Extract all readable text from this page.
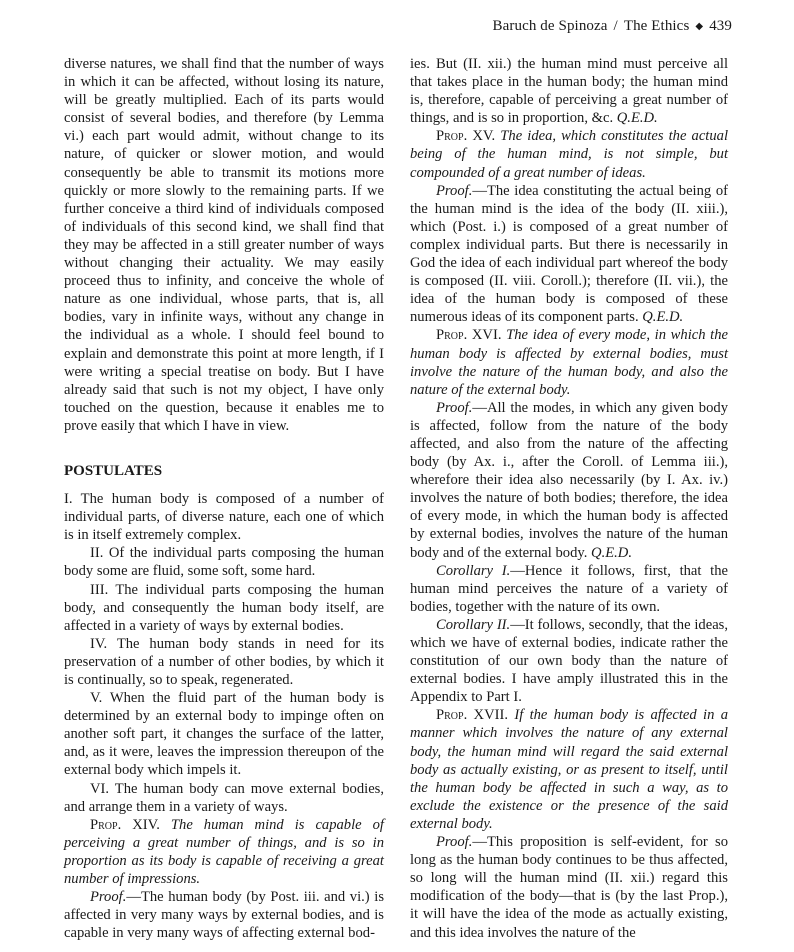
Baruch de Spinoza / The Ethics ◆ 439

diverse natures, we shall find that the number of ways in which it can be affected, without losing its nature, will be greatly multiplied. Each of its parts would consist of several bodies, and therefore (by Lemma vi.) each part would admit, without change to its nature, of quicker or slower motion, and would consequently be able to transmit its motions more quickly or more slowly to the remaining parts. If we further conceive a third kind of individuals composed of individuals of this second kind, we shall find that they may be affected in a still greater number of ways without changing their actuality. We may easily proceed thus to infinity, and conceive the whole of nature as one individual, whose parts, that is, all bodies, vary in infinite ways, without any change in the individual as a whole. I should feel bound to explain and demonstrate this point at more length, if I were writing a special treatise on body. But I have already said that such is not my object, I have only touched on the question, because it enables me to prove easily that which I have in view.

POSTULATES

I. The human body is composed of a number of individual parts, of diverse nature, each one of which is in itself extremely complex.

II. Of the individual parts composing the human body some are fluid, some soft, some hard.

III. The individual parts composing the human body, and consequently the human body itself, are affected in a variety of ways by external bodies.

IV. The human body stands in need for its preservation of a number of other bodies, by which it is continually, so to speak, regenerated.

V. When the fluid part of the human body is determined by an external body to impinge often on another soft part, it changes the surface of the latter, and, as it were, leaves the impression thereupon of the external body which impels it.

VI. The human body can move external bodies, and arrange them in a variety of ways.

Prop. XIV. The human mind is capable of perceiving a great number of things, and is so in proportion as its body is capable of receiving a great number of impressions.

Proof.—The human body (by Post. iii. and vi.) is affected in very many ways by external bodies, and is capable in very many ways of affecting external bod-

ies. But (II. xii.) the human mind must perceive all that takes place in the human body; the human mind is, therefore, capable of perceiving a great number of things, and is so in proportion, &c. Q.E.D.

Prop. XV. The idea, which constitutes the actual being of the human mind, is not simple, but compounded of a great number of ideas.

Proof.—The idea constituting the actual being of the human mind is the idea of the body (II. xiii.), which (Post. i.) is composed of a great number of complex individual parts. But there is necessarily in God the idea of each individual part whereof the body is composed (II. viii. Coroll.); therefore (II. vii.), the idea of the human body is composed of these numerous ideas of its component parts. Q.E.D.

Prop. XVI. The idea of every mode, in which the human body is affected by external bodies, must involve the nature of the human body, and also the nature of the external body.

Proof.—All the modes, in which any given body is affected, follow from the nature of the body affected, and also from the nature of the affecting body (by Ax. i., after the Coroll. of Lemma iii.), wherefore their idea also necessarily (by I. Ax. iv.) involves the nature of both bodies; therefore, the idea of every mode, in which the human body is affected by external bodies, involves the nature of the human body and of the external body. Q.E.D.

Corollary I.—Hence it follows, first, that the human mind perceives the nature of a variety of bodies, together with the nature of its own.

Corollary II.—It follows, secondly, that the ideas, which we have of external bodies, indicate rather the constitution of our own body than the nature of external bodies. I have amply illustrated this in the Appendix to Part I.

Prop. XVII. If the human body is affected in a manner which involves the nature of any external body, the human mind will regard the said external body as actually existing, or as present to itself, until the human body be affected in such a way, as to exclude the existence or the presence of the said external body.

Proof.—This proposition is self-evident, for so long as the human body continues to be thus affected, so long will the human mind (II. xii.) regard this modification of the body—that is (by the last Prop.), it will have the idea of the mode as actually existing, and this idea involves the nature of the
